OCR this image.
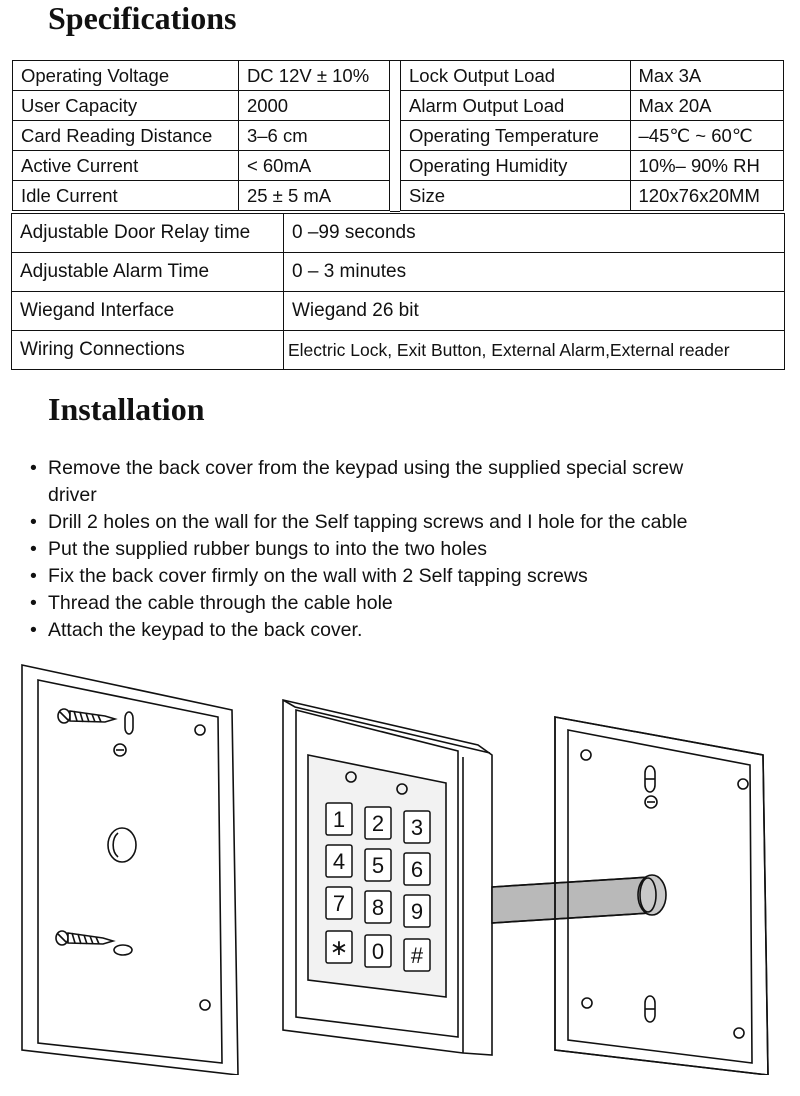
Specifications
Operating Voltage	DC 12V ± 10%
User Capacity	2000
Card Reading Distance	3–6 cm
Active Current	< 60mA
Idle Current	25 ± 5 mA
Lock Output Load	Max 3A
Alarm Output Load	Max 20A
Operating Temperature	–45℃ ~ 60℃
Operating Humidity	10%– 90% RH
Size	120x76x20MM
Adjustable Door Relay time	0 –99 seconds
Adjustable Alarm Time	0 – 3 minutes
Wiegand Interface	Wiegand 26 bit
Wiring Connections	Electric Lock, Exit Button, External Alarm,External reader
Installation
• Remove the back cover from the keypad using the supplied special screw driver
• Drill 2 holes on the wall for the Self tapping screws and I hole for the cable
• Put the supplied rubber bungs to into the two holes
• Fix the back cover firmly on the wall with 2 Self tapping screws
• Thread the cable through the cable hole
• Attach the keypad to the back cover.
1 2 3
4 5 6
7 8 9
∗ 0 #
